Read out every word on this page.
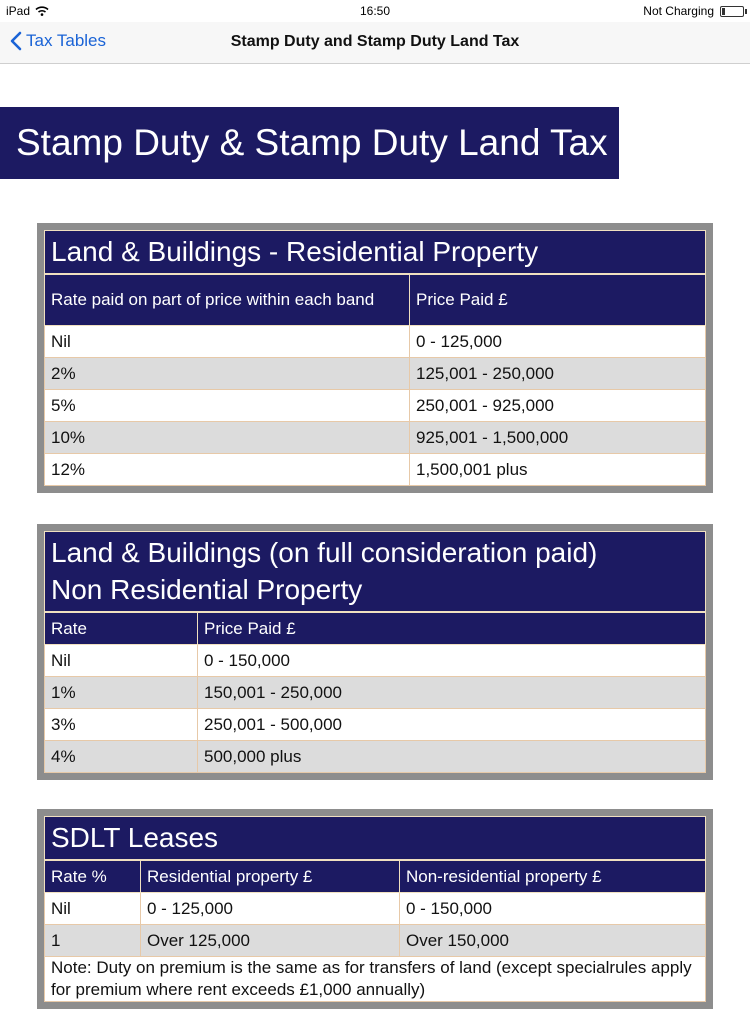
iPad	16:50	Not Charging
Tax Tables	Stamp Duty and Stamp Duty Land Tax
Stamp Duty & Stamp Duty Land Tax
Land & Buildings - Residential Property	
Rate paid on part of price within each band	Price Paid £
Nil	0 - 125,000
2%	125,001 - 250,000
5%	250,001 - 925,000
10%	925,001 - 1,500,000
12%	1,500,001 plus
Land & Buildings (on full consideration paid)
Non Residential Property	

Rate	Price Paid £
Nil	0 - 150,000
1%	150,001 - 250,000
3%	250,001 - 500,000
4%	500,000 plus
SDLT Leases		
Rate %	Residential property £	Non-residential property £
Nil	0 - 125,000	0 - 150,000
1	Over 125,000	Over 150,000
Note: Duty on premium is the same as for transfers of land (except specialrules apply for premium where rent exceeds £1,000 annually)		
